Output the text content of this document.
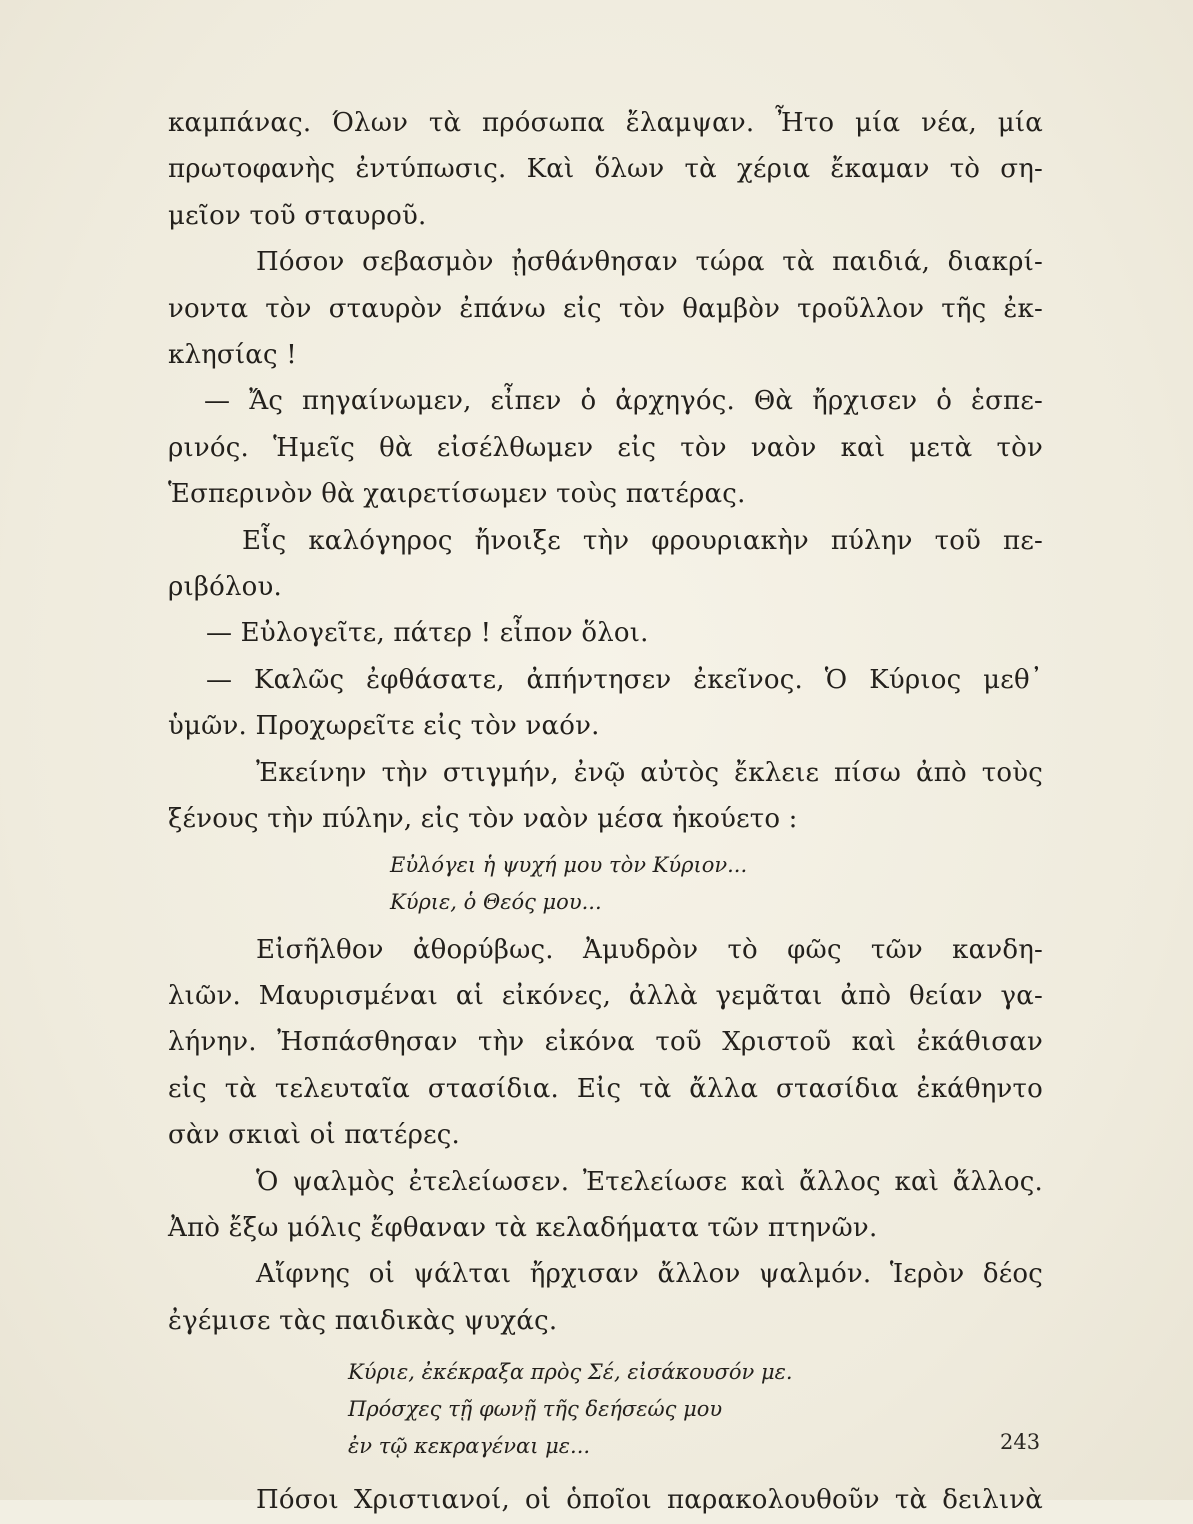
καμπάνας. Όλων τὰ πρόσωπα ἔλαμψαν. Ἦτο μία νέα, μία
πρωτοφανὴς ἐντύπωσις. Καὶ ὅλων τὰ χέρια ἔκαμαν τὸ ση-
μεῖον τοῦ σταυροῦ.

Πόσον σεβασμὸν ᾐσθάνθησαν τώρα τὰ παιδιά, διακρί-
νοντα τὸν σταυρὸν ἐπάνω εἰς τὸν θαμβὸν τροῦλλον τῆς ἐκ-
κλησίας !

— Ἄς πηγαίνωμεν, εἶπεν ὁ ἀρχηγός. Θὰ ἤρχισεν ὁ ἑσπε-
ρινός. Ἡμεῖς θὰ εἰσέλθωμεν εἰς τὸν ναὸν καὶ μετὰ τὸν
Ἑσπερινὸν θὰ χαιρετίσωμεν τοὺς πατέρας.

Εἷς καλόγηρος ἤνοιξε τὴν φρουριακὴν πύλην τοῦ πε-
ριβόλου.

— Εὐλογεῖτε, πάτερ ! εἶπον ὅλοι.

— Καλῶς ἐφθάσατε, ἀπήντησεν ἐκεῖνος. Ὁ Κύριος μεθ᾿
ὑμῶν. Προχωρεῖτε εἰς τὸν ναόν.

Ἐκείνην τὴν στιγμήν, ἐνῷ αὐτὸς ἔκλειε πίσω ἀπὸ τοὺς
ξένους τὴν πύλην, εἰς τὸν ναὸν μέσα ἠκούετο :

Εὐλόγει ἡ ψυχή μου τὸν Κύριον...
Κύριε, ὁ Θεός μου...

Εἰσῆλθον ἀθορύβως. Ἀμυδρὸν τὸ φῶς τῶν κανδη-
λιῶν. Μαυρισμέναι αἱ εἰκόνες, ἀλλὰ γεμᾶται ἀπὸ θείαν γα-
λήνην. Ἠσπάσθησαν τὴν εἰκόνα τοῦ Χριστοῦ καὶ ἐκάθισαν
εἰς τὰ τελευταῖα στασίδια. Εἰς τὰ ἄλλα στασίδια ἐκάθηντο
σὰν σκιαὶ οἱ πατέρες.

Ὁ ψαλμὸς ἐτελείωσεν. Ἐτελείωσε καὶ ἄλλος καὶ ἄλλος.
Ἀπὸ ἔξω μόλις ἔφθαναν τὰ κελαδήματα τῶν πτηνῶν.

Αἴφνης οἱ ψάλται ἤρχισαν ἄλλον ψαλμόν. Ἱερὸν δέος
ἐγέμισε τὰς παιδικὰς ψυχάς.

Κύριε, ἐκέκραξα πρὸς Σέ, εἰσάκουσόν με.
Πρόσχες τῇ φωνῇ τῆς δεήσεώς μου
ἐν τῷ κεκραγέναι με...

Πόσοι Χριστιανοί, οἱ ὁποῖοι παρακολουθοῦν τὰ δειλινὰ

243
